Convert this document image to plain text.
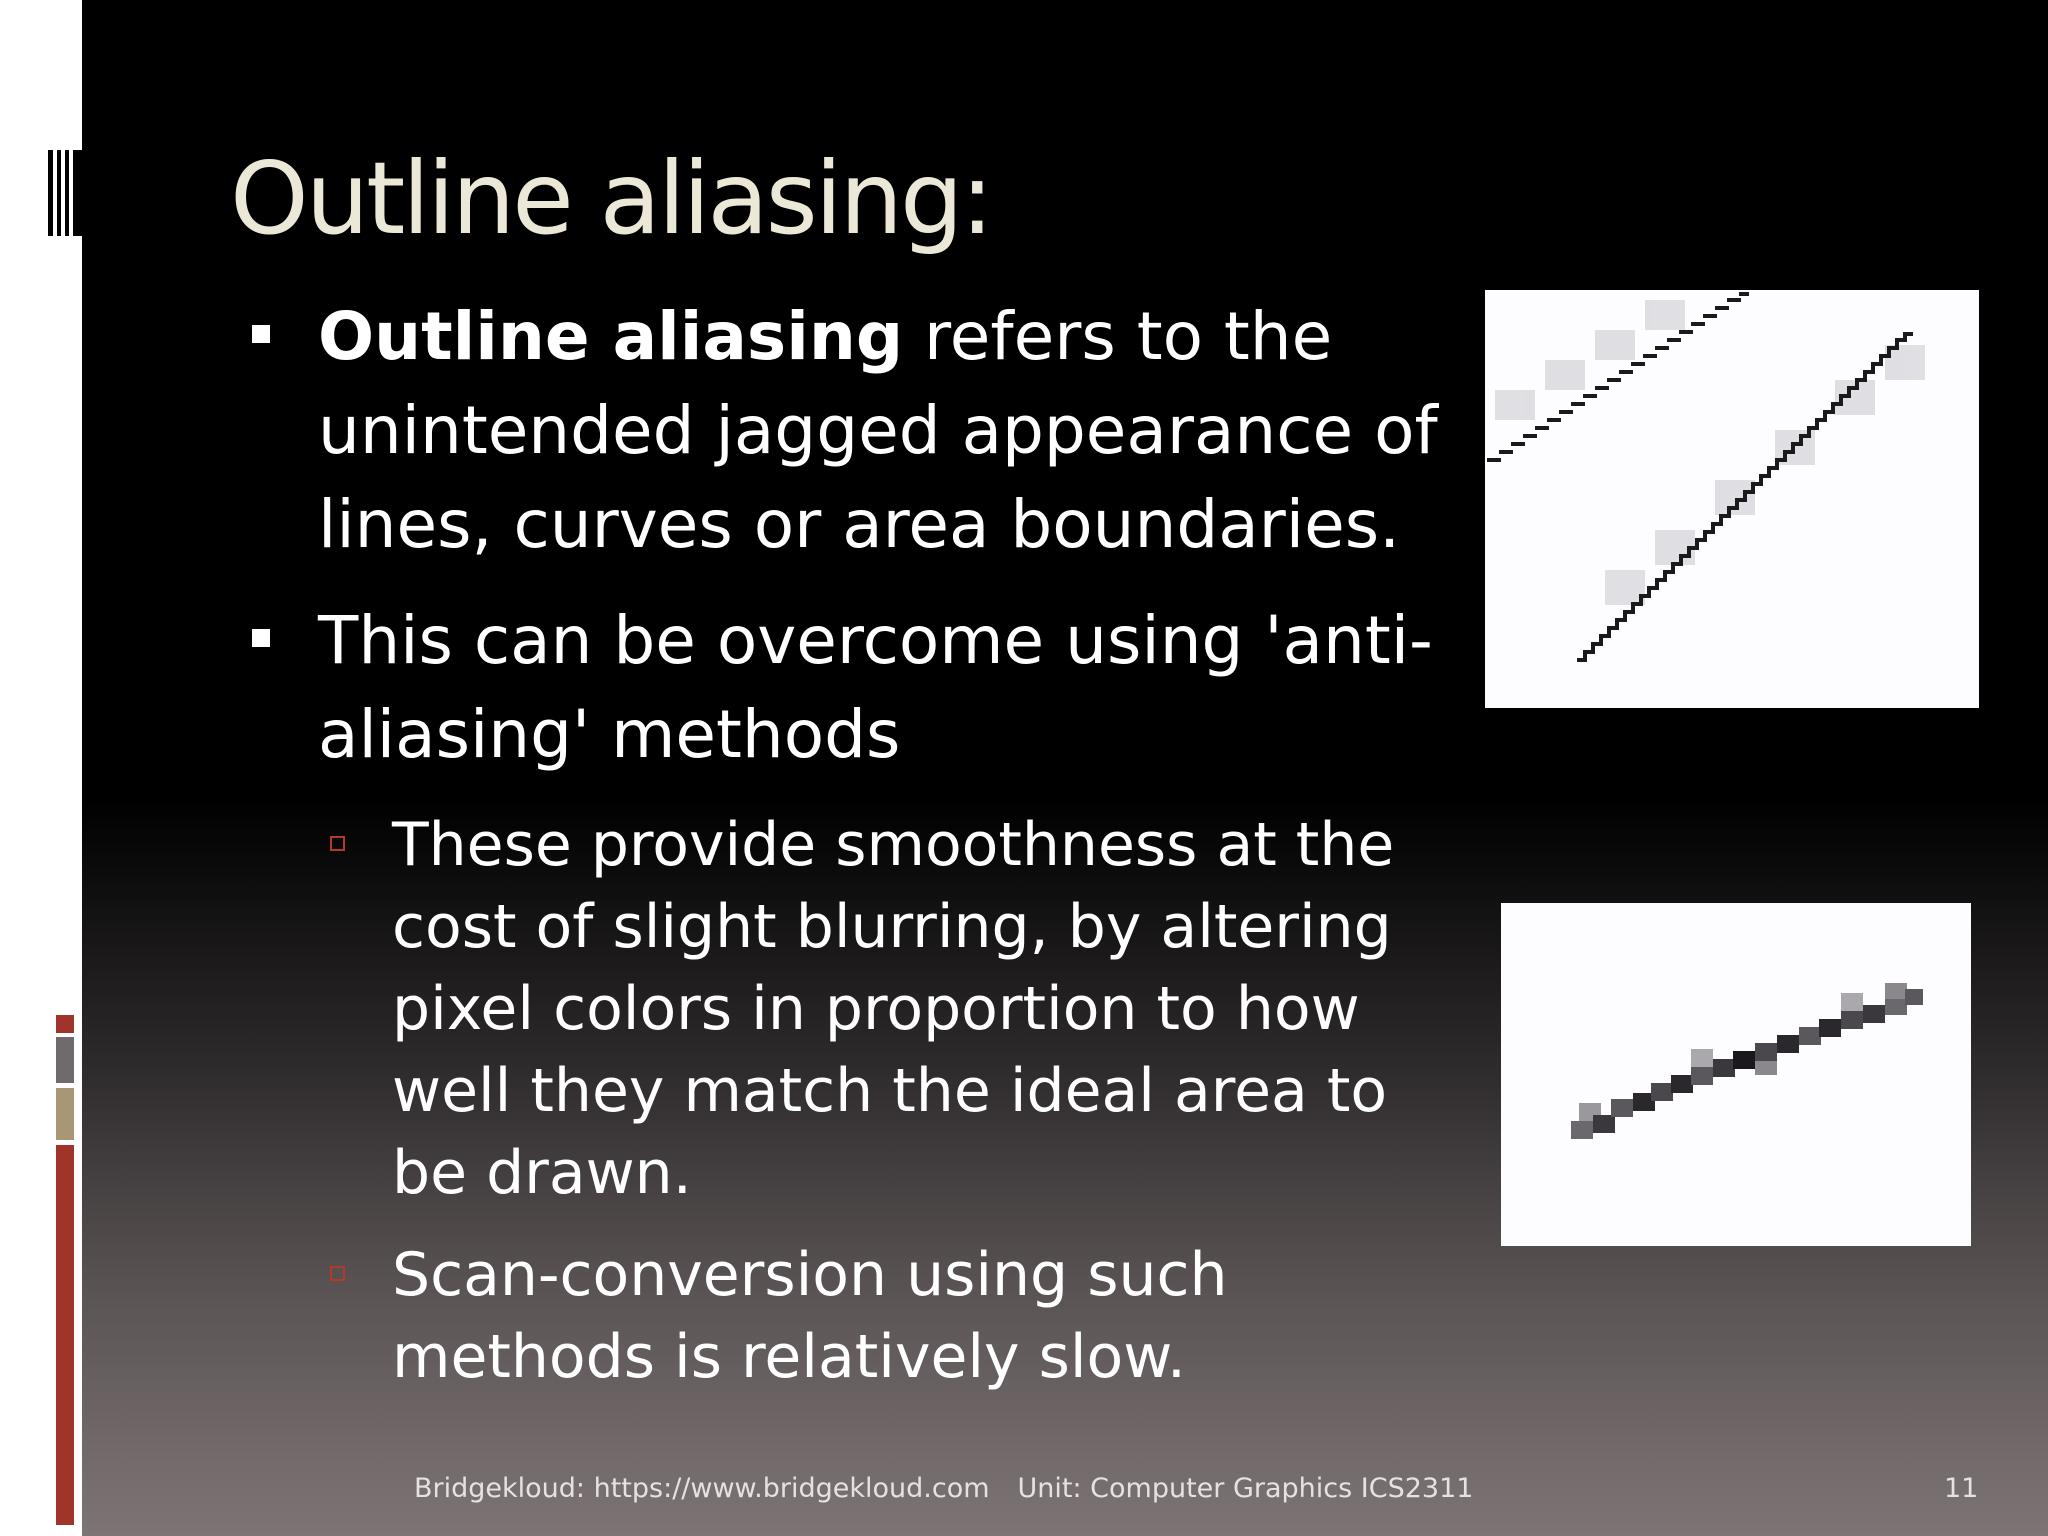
Outline aliasing:
Outline aliasing refers to the unintended jagged appearance of lines, curves or area boundaries.
This can be overcome using 'anti-aliasing' methods
These provide smoothness at the cost of slight blurring, by altering pixel colors in proportion to how well they match the ideal area to be drawn.
Scan-conversion using such methods is relatively slow.
Bridgekloud: https://www.bridgekloud.com Unit: Computer Graphics ICS2311	11
